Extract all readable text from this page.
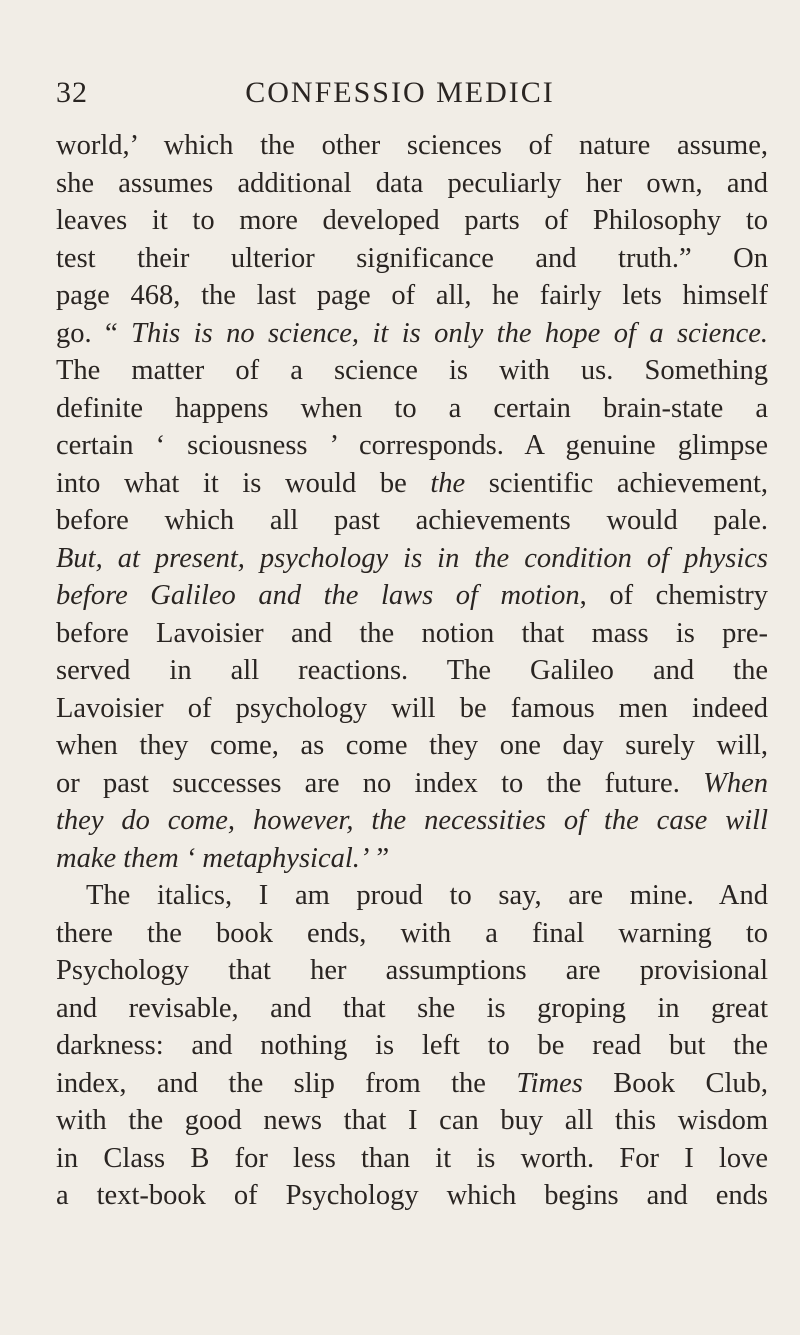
32	CONFESSIO MEDICI
world,’ which the other sciences of nature assume,
she assumes additional data peculiarly her own, and
leaves it to more developed parts of Philosophy to
test their ulterior significance and truth.” On
page 468, the last page of all, he fairly lets himself
go. “ This is no science, it is only the hope of a science.
The matter of a science is with us. Something
definite happens when to a certain brain-state a
certain ‘ sciousness ’ corresponds. A genuine glimpse
into what it is would be the scientific achievement,
before which all past achievements would pale.
But, at present, psychology is in the condition of physics
before Galileo and the laws of motion, of chemistry
before Lavoisier and the notion that mass is pre-
served in all reactions. The Galileo and the
Lavoisier of psychology will be famous men indeed
when they come, as come they one day surely will,
or past successes are no index to the future. When
they do come, however, the necessities of the case will
make them ‘ metaphysical.’ ”
The italics, I am proud to say, are mine. And
there the book ends, with a final warning to
Psychology that her assumptions are provisional
and revisable, and that she is groping in great
darkness: and nothing is left to be read but the
index, and the slip from the Times Book Club,
with the good news that I can buy all this wisdom
in Class B for less than it is worth. For I love
a text-book of Psychology which begins and ends
